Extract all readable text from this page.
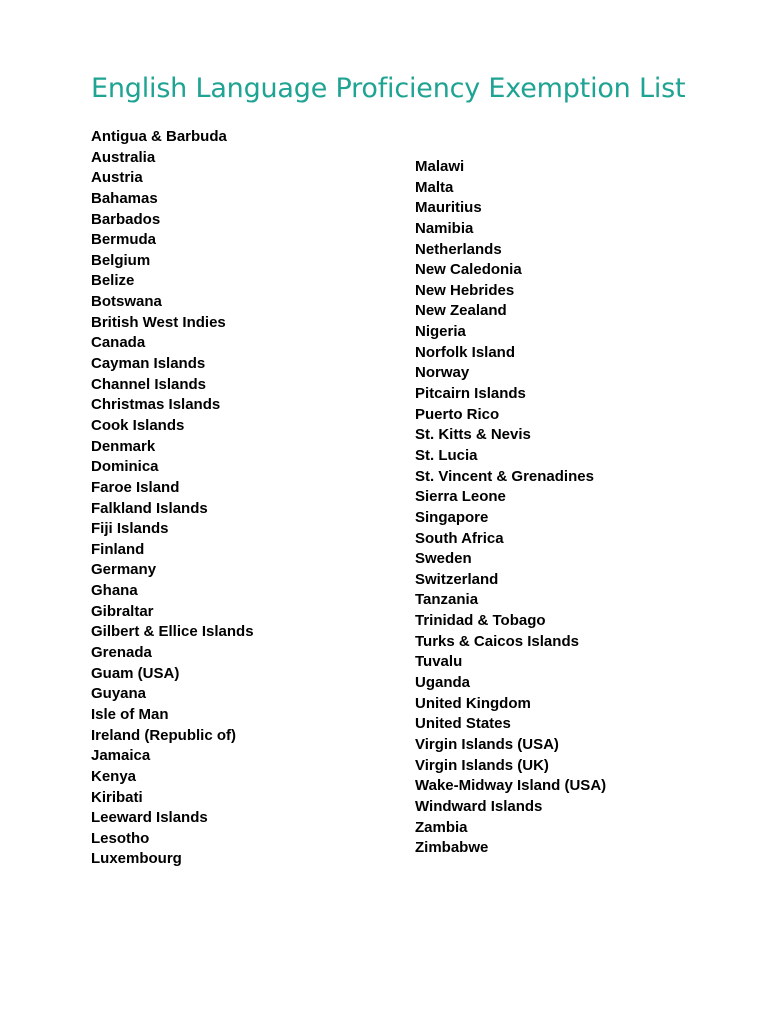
English Language Proficiency Exemption List
Antigua & Barbuda
Australia
Austria
Bahamas
Barbados
Bermuda
Belgium
Belize
Botswana
British West Indies
Canada
Cayman Islands
Channel Islands
Christmas Islands
Cook Islands
Denmark
Dominica
Faroe Island
Falkland Islands
Fiji Islands
Finland
Germany
Ghana
Gibraltar
Gilbert & Ellice Islands
Grenada
Guam (USA)
Guyana
Isle of Man
Ireland (Republic of)
Jamaica
Kenya
Kiribati
Leeward Islands
Lesotho
Luxembourg
Malawi
Malta
Mauritius
Namibia
Netherlands
New Caledonia
New Hebrides
New Zealand
Nigeria
Norfolk Island
Norway
Pitcairn Islands
Puerto Rico
St. Kitts & Nevis
St. Lucia
St. Vincent & Grenadines
Sierra Leone
Singapore
South Africa
Sweden
Switzerland
Tanzania
Trinidad & Tobago
Turks & Caicos Islands
Tuvalu
Uganda
United Kingdom
United States
Virgin Islands (USA)
Virgin Islands (UK)
Wake-Midway Island (USA)
Windward Islands
Zambia
Zimbabwe
